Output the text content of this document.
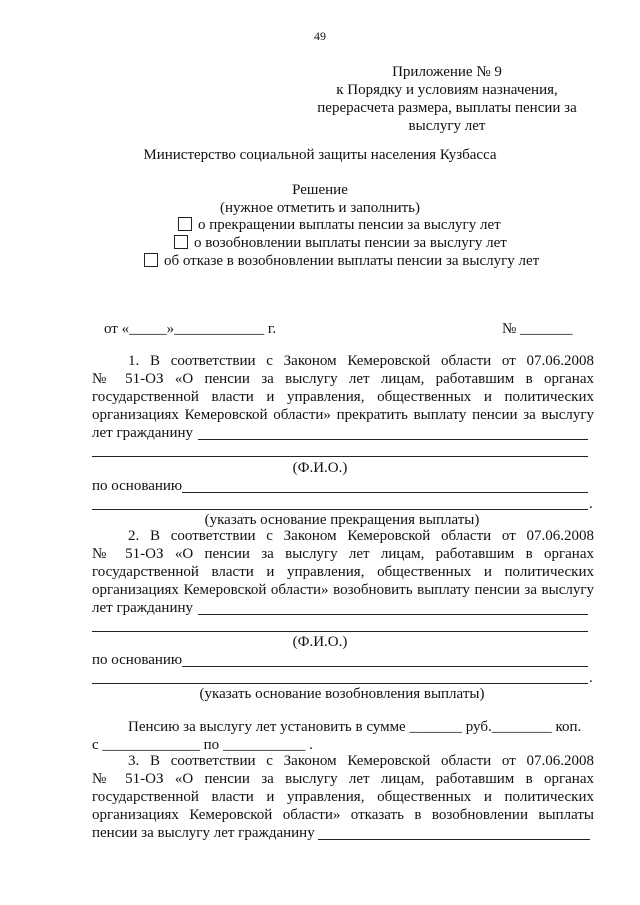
49
Приложение № 9
к Порядку и условиям назначения,
перерасчета размера, выплаты пенсии за
выслугу лет
Министерство социальной защиты населения Кузбасса
Решение
(нужное отметить и заполнить)
о прекращении выплаты пенсии за выслугу лет
о возобновлении выплаты пенсии за выслугу лет
об отказе в возобновлении выплаты пенсии за выслугу лет
от «_____»____________ г.	№ _______
1. В соответствии с Законом Кемеровской области от 07.06.2008
№ 51-ОЗ «О пенсии за выслугу лет лицам, работавшим в органах
государственной власти и управления, общественных и политических
организациях Кемеровской области» прекратить выплату пенсии за выслугу
лет гражданину
(Ф.И.О.)
по основанию
.
(указать основание прекращения выплаты)
2. В соответствии с Законом Кемеровской области от 07.06.2008
№ 51-ОЗ «О пенсии за выслугу лет лицам, работавшим в органах
государственной власти и управления, общественных и политических
организациях Кемеровской области» возобновить выплату пенсии за выслугу
лет гражданину
(Ф.И.О.)
по основанию
.
(указать основание возобновления выплаты)
Пенсию за выслугу лет установить в сумме _______ руб.________ коп.
с _____________ по ___________ .
3. В соответствии с Законом Кемеровской области от 07.06.2008
№ 51-ОЗ «О пенсии за выслугу лет лицам, работавшим в органах
государственной власти и управления, общественных и политических
организациях Кемеровской области» отказать в возобновлении выплаты
пенсии за выслугу лет гражданину
